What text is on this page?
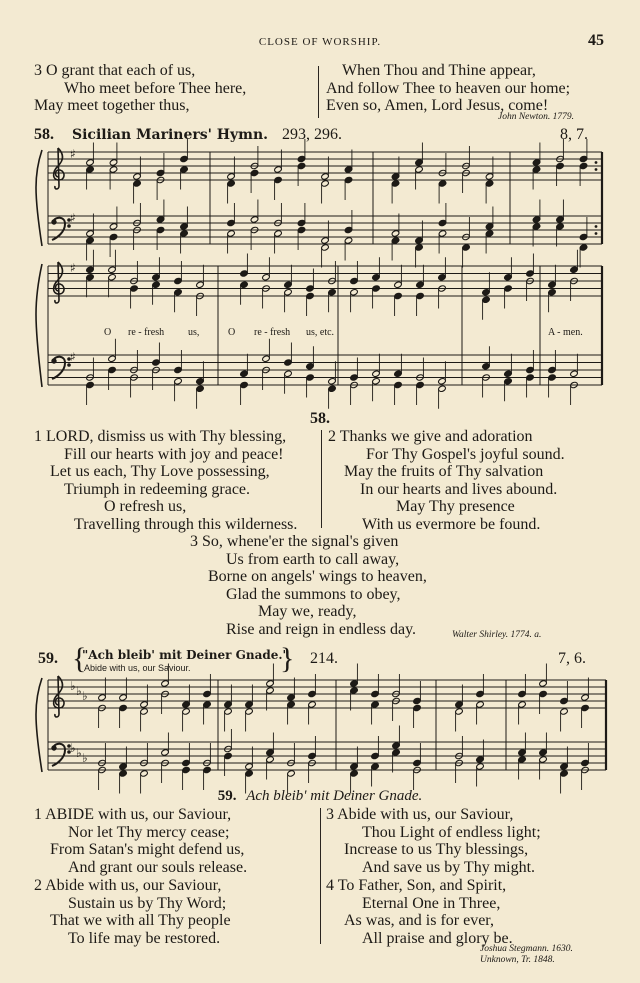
CLOSE OF WORSHIP.	45
3 O grant that each of us,
Who meet before Thee here,
May meet together thus,
When Thou and Thine appear,
And follow Thee to heaven our home;
Even so, Amen, Lord Jesus, come!
John Newton. 1779.
58. Sicilian Mariners' Hymn. 293, 296.	8, 7.
♯
♯
♯
♯
♭
♭
♭
♭
♭
♭
O re - fresh us,	O re - fresh us, etc.	A - men.
58.
1 LORD, dismiss us with Thy blessing,
Fill our hearts with joy and peace!
Let us each, Thy Love possessing,
Triumph in redeeming grace.
O refresh us,
Travelling through this wilderness.
2 Thanks we give and adoration
For Thy Gospel's joyful sound.
May the fruits of Thy salvation
In our hearts and lives abound.
May Thy presence
With us evermore be found.
3 So, whene'er the signal's given
Us from earth to call away,
Borne on angels' wings to heaven,
Glad the summons to obey,
May we, ready,
Rise and reign in endless day.	Walter Shirley. 1774. a.
59. {
"Ach bleib' mit Deiner Gnade."
Abide with us, our Saviour.	} 214.	7, 6.
59. Ach bleib' mit Deiner Gnade.
1 ABIDE with us, our Saviour,
Nor let Thy mercy cease;
From Satan's might defend us,
And grant our souls release.
2 Abide with us, our Saviour,
Sustain us by Thy Word;
That we with all Thy people
To life may be restored.
3 Abide with us, our Saviour,
Thou Light of endless light;
Increase to us Thy blessings,
And save us by Thy might.
4 To Father, Son, and Spirit,
Eternal One in Three,
As was, and is for ever,
All praise and glory be.
Joshua Stegmann. 1630.
Unknown, Tr. 1848.
